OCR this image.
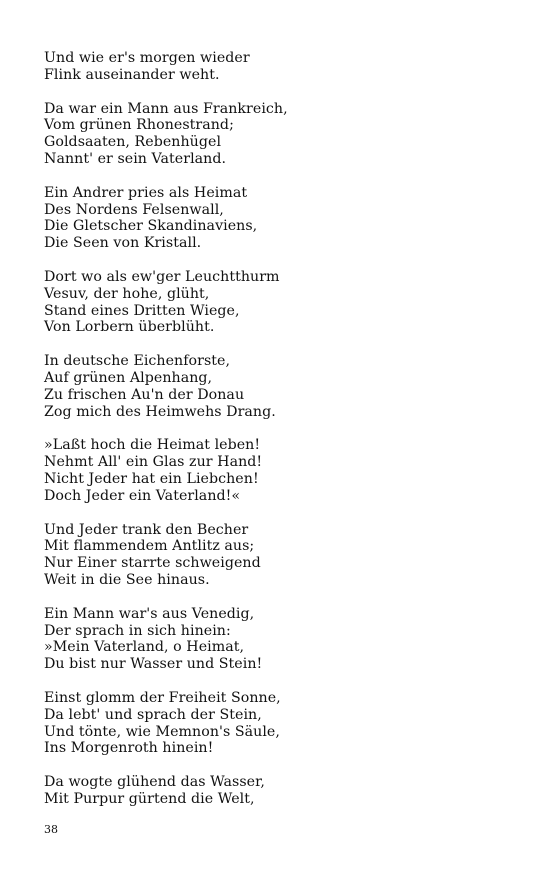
Und wie er's morgen wieder
Flink auseinander weht.
Da war ein Mann aus Frankreich,
Vom grünen Rhonestrand;
Goldsaaten, Rebenhügel
Nannt' er sein Vaterland.
Ein Andrer pries als Heimat
Des Nordens Felsenwall,
Die Gletscher Skandinaviens,
Die Seen von Kristall.
Dort wo als ew'ger Leuchtthurm
Vesuv, der hohe, glüht,
Stand eines Dritten Wiege,
Von Lorbern überblüht.
In deutsche Eichenforste,
Auf grünen Alpenhang,
Zu frischen Au'n der Donau
Zog mich des Heimwehs Drang.
»Laßt hoch die Heimat leben!
Nehmt All' ein Glas zur Hand!
Nicht Jeder hat ein Liebchen!
Doch Jeder ein Vaterland!«
Und Jeder trank den Becher
Mit flammendem Antlitz aus;
Nur Einer starrte schweigend
Weit in die See hinaus.
Ein Mann war's aus Venedig,
Der sprach in sich hinein:
»Mein Vaterland, o Heimat,
Du bist nur Wasser und Stein!
Einst glomm der Freiheit Sonne,
Da lebt' und sprach der Stein,
Und tönte, wie Memnon's Säule,
Ins Morgenroth hinein!
Da wogte glühend das Wasser,
Mit Purpur gürtend die Welt,
38
